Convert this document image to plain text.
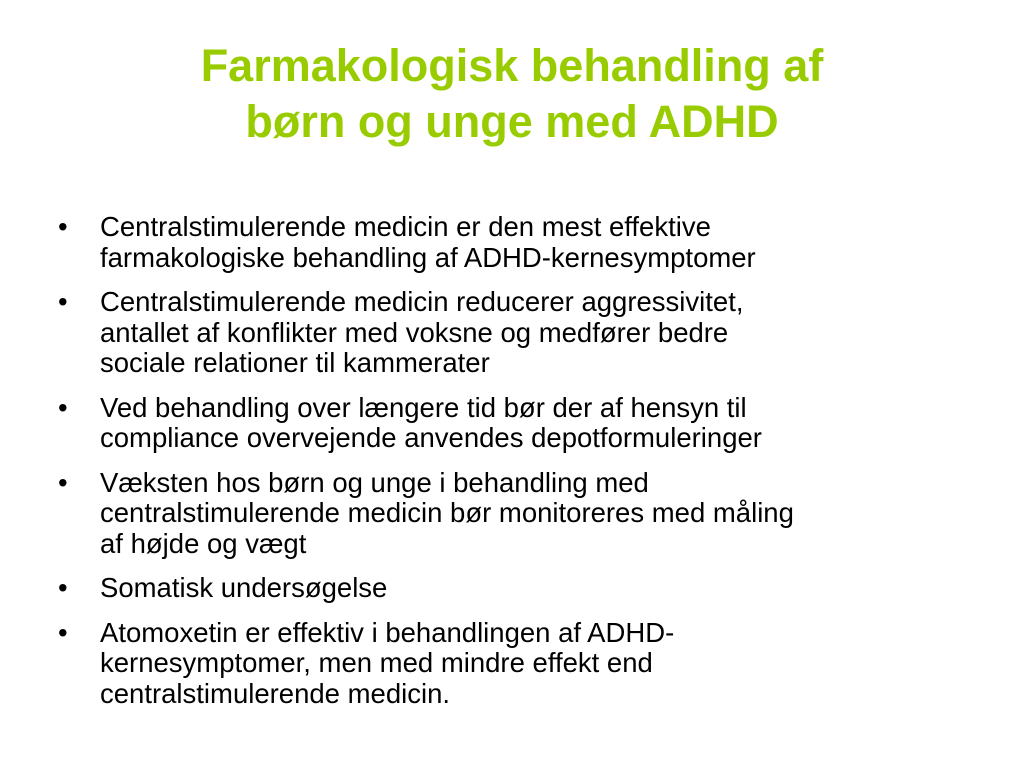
Farmakologisk behandling af
børn og unge med ADHD
• Centralstimulerende medicin er den mest effektive
farmakologiske behandling af ADHD-kernesymptomer
• Centralstimulerende medicin reducerer aggressivitet,
antallet af konflikter med voksne og medfører bedre
sociale relationer til kammerater
• Ved behandling over længere tid bør der af hensyn til
compliance overvejende anvendes depotformuleringer
• Væksten hos børn og unge i behandling med
centralstimulerende medicin bør monitoreres med måling
af højde og vægt
• Somatisk undersøgelse
• Atomoxetin er effektiv i behandlingen af ADHD-
kernesymptomer, men med mindre effekt end
centralstimulerende medicin.
